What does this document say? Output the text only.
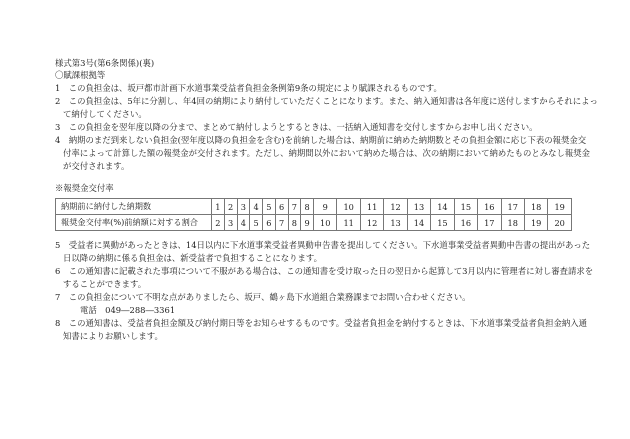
様式第3号(第6条関係)(裏)
〇賦課根拠等
1　この負担金は、坂戸都市計画下水道事業受益者負担金条例第9条の規定により賦課されるものです。
2　この負担金は、5年に分割し、年4回の納期により納付していただくことになります。また、納入通知書は各年度に送付しますからそれによっ
て納付してください。
3　この負担金を翌年度以降の分まで、まとめて納付しようとするときは、一括納入通知書を交付しますからお申し出ください。
4　納期のまだ到来しない負担金(翌年度以降の負担金を含む)を前納した場合は、納期前に納めた納期数とその負担金額に応じ下表の報奨金交
付率によって計算した額の報奨金が交付されます。ただし、納期間以外において納めた場合は、次の納期において納めたものとみなし報奨金
が交付されます。
※報奨金交付率
納期前に納付した納期数	1	2	3	4	5	6	7	8	9	10	11	12	13	14	15	16	17	18	19
報奨金交付率(%)前納額に対する割合	2	3	4	5	6	7	8	9	10	11	12	13	14	15	16	17	18	19	20
5　受益者に異動があったときは、14日以内に下水道事業受益者異動申告書を提出してください。下水道事業受益者異動申告書の提出があった
日以降の納期に係る負担金は、新受益者で負担することになります。
6　この通知書に記載された事項について不服がある場合は、この通知書を受け取った日の翌日から起算して3月以内に管理者に対し審査請求を
することができます。
7　この負担金について不明な点がありましたら、坂戸、鶴ヶ島下水道組合業務課までお問い合わせください。
電話　049―288―3361
8　この通知書は、受益者負担金額及び納付期日等をお知らせするものです。受益者負担金を納付するときは、下水道事業受益者負担金納入通
知書によりお願いします。
